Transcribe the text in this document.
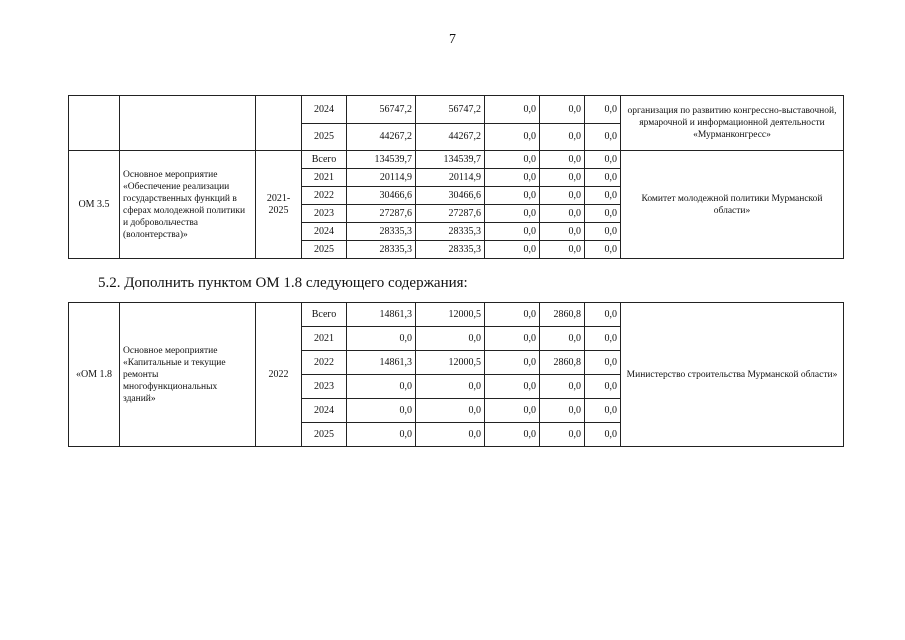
7
			2024	56747,2	56747,2	0,0	0,0	0,0	организация по развитию конгрессно-выставочной, ярмарочной и информационной деятельности «Мурманконгресс»
			2025	44267,2	44267,2	0,0	0,0	0,0	
ОМ 3.5	Основное мероприятие «Обеспечение реализации государственных функций в сферах молодежной политики и добровольчества (волонтерства)»	2021-2025	Всего	134539,7	134539,7	0,0	0,0	0,0	Комитет молодежной политики Мурманской области»
			2021	20114,9	20114,9	0,0	0,0	0,0	
			2022	30466,6	30466,6	0,0	0,0	0,0	
			2023	27287,6	27287,6	0,0	0,0	0,0	
			2024	28335,3	28335,3	0,0	0,0	0,0	
			2025	28335,3	28335,3	0,0	0,0	0,0	
5.2. Дополнить пунктом ОМ 1.8 следующего содержания:
«ОМ 1.8	Основное мероприятие «Капитальные и текущие ремонты многофункциональных зданий»	2022	Всего	14861,3	12000,5	0,0	2860,8	0,0	Министерство строительства Мурманской области»
			2021	0,0	0,0	0,0	0,0	0,0	
			2022	14861,3	12000,5	0,0	2860,8	0,0	
			2023	0,0	0,0	0,0	0,0	0,0	
			2024	0,0	0,0	0,0	0,0	0,0	
			2025	0,0	0,0	0,0	0,0	0,0	
